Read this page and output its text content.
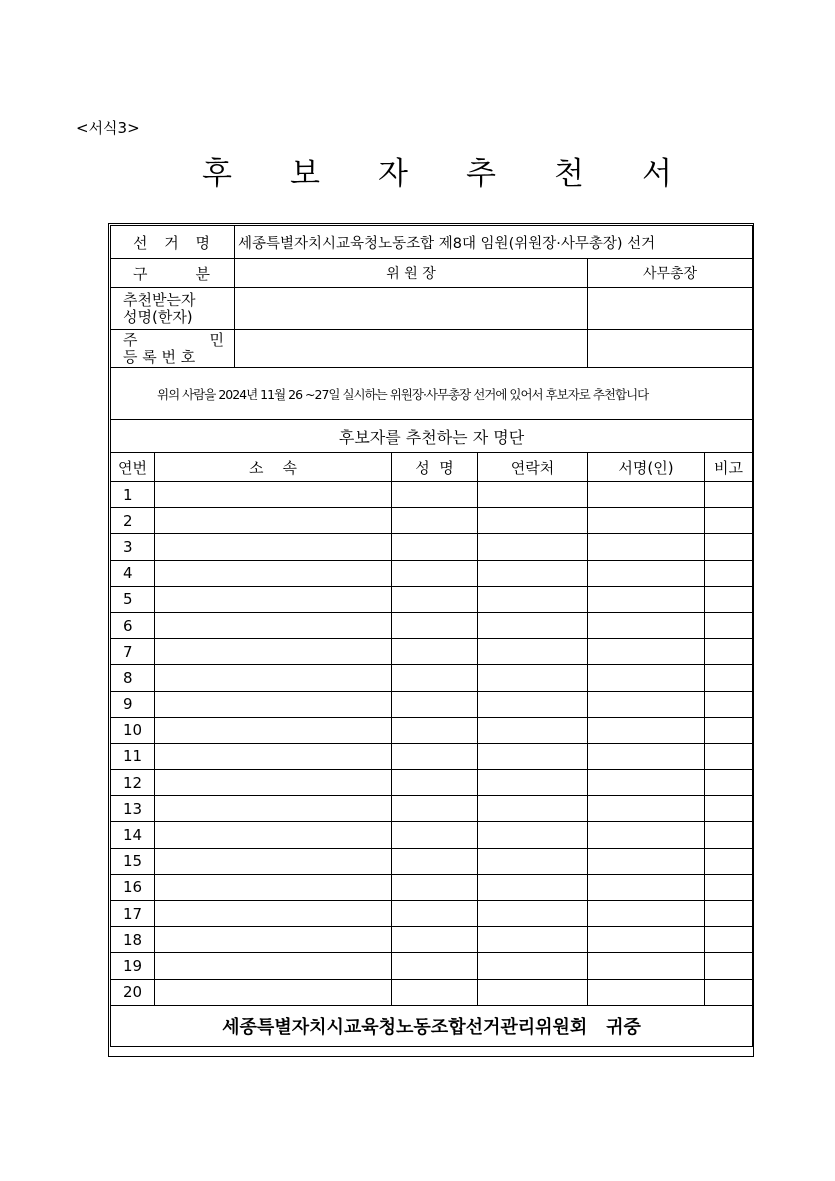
<서식3>
후 보 자 추 천 서
선 거 명		세종특별자치시교육청노동조합 제8대 임원(위원장·사무총장) 선거				

구 분		위 원 장			사무총장	

추천받는자
성명(한자)						

주 민
등 록 번 호						

위의 사람을 2024년 11월 26 ~27일 실시하는 위원장·사무총장 선거에 있어서 후보자로 추천합니다						
후보자를 추천하는 자 명단						
연번	소    속		성  명	연락처	서명(인)	비고
1						
2						
3						
4						
5						
6						
7						
8						
9						
10						
11						
12						
13						
14						
15						
16						
17						
18						
19						
20						
세종특별자치시교육청노동조합선거관리위원회   귀중						
